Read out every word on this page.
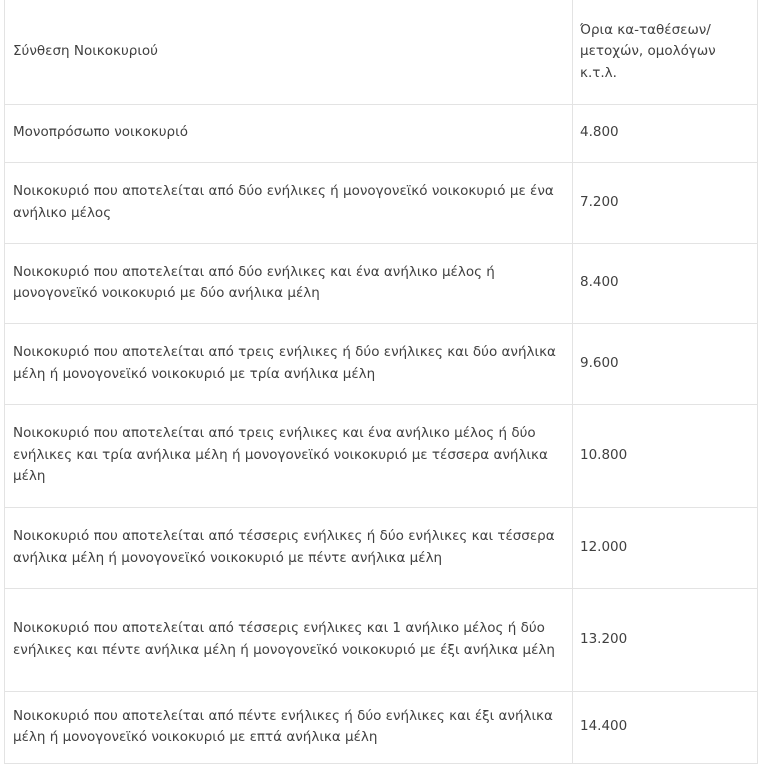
Σύνθεση Νοικοκυριού	Όρια κα-ταθέσεων/ μετοχών, ομολόγων κ.τ.λ.
Μονοπρόσωπο νοικοκυριό	4.800
Νοικοκυριό που αποτελείται από δύο ενήλικες ή μονογονεϊκό νοικοκυριό με ένα ανήλικο μέλος	7.200
Νοικοκυριό που αποτελείται από δύο ενήλικες και ένα ανήλικο μέλος ή μονογονεϊκό νοικοκυριό με δύο ανήλικα μέλη	8.400
Νοικοκυριό που αποτελείται από τρεις ενήλικες ή δύο ενήλικες και δύο ανήλικα μέλη ή μονογονεϊκό νοικοκυριό με τρία ανήλικα μέλη	9.600
Νοικοκυριό που αποτελείται από τρεις ενήλικες και ένα ανήλικο μέλος ή δύο ενήλικες και τρία ανήλικα μέλη ή μονογονεϊκό νοικοκυριό με τέσσερα ανήλικα μέλη	10.800
Νοικοκυριό που αποτελείται από τέσσερις ενήλικες ή δύο ενήλικες και τέσσερα ανήλικα μέλη ή μονογονεϊκό νοικοκυριό με πέντε ανήλικα μέλη	12.000
Νοικοκυριό που αποτελείται από τέσσερις ενήλικες και 1 ανήλικο μέλος ή δύο ενήλικες και πέντε ανήλικα μέλη ή μονογονεϊκό νοικοκυριό με έξι ανήλικα μέλη	13.200
Νοικοκυριό που αποτελείται από πέντε ενήλικες ή δύο ενήλικες και έξι ανήλικα μέλη ή μονογονεϊκό νοικοκυριό με επτά ανήλικα μέλη	14.400
